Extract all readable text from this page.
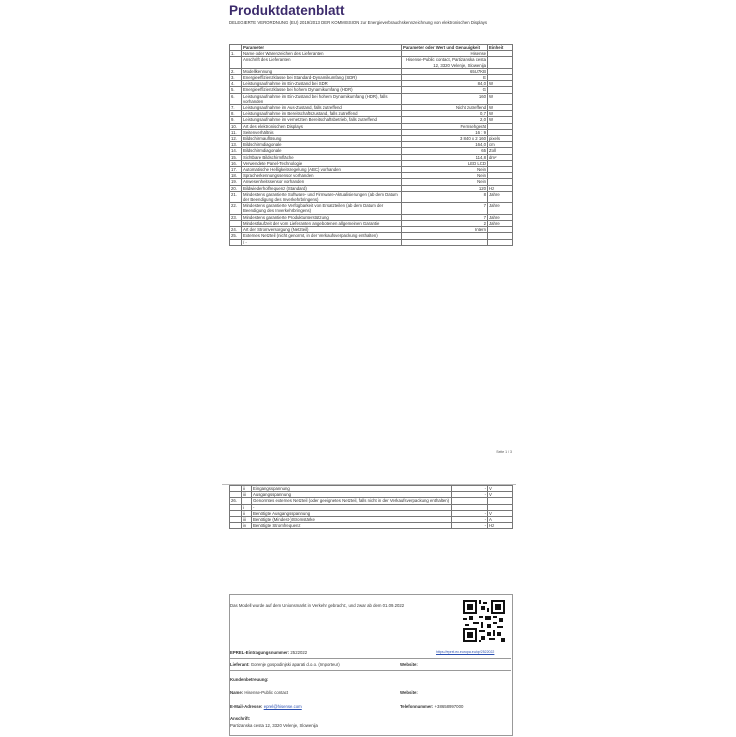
Produktdatenblatt
DELEGIERTE VERORDNUNG (EU) 2019/2013 DER KOMMISSION zur Energieverbrauchskennzeichnung von elektronischen Displays
	Parameter	Parameter oder Wert und Genauigkeit	Einheit
1.	Name oder Warenzeichen des Lieferanten	Hisense	
	Anschrift des Lieferanten	Hisense-Public contact, Partizanska cesta 12, 3320 Velenje, Slowenija	
2.	Modellkennung	65U7KB	
3.	Energieeffizienzklasse bei Standard-Dynamikumfang (SDR)	E	
4.	Leistungsaufnahme im Ein-Zustand bei SDR	84,0	W
5.	Energieeffizienzklasse bei hohem Dynamikumfang (HDR)	G	
6.	Leistungsaufnahme im Ein-Zustand bei hohem Dynamikumfang (HDR), falls vorhanden	160	W
7.	Leistungsaufnahme im Aus-Zustand, falls zutreffend	Nicht zutreffend	W
8.	Leistungsaufnahme im Bereitschaftszustand, falls zutreffend	0,7	W
9.	Leistungsaufnahme im vernetzten Bereitschaftsbetrieb, falls zutreffend	2,0	W
10.	Art des elektronischen Displays	Fernsehgerät	
11.	Seitenverhältnis	16 : 9	
12.	Bildschirmauflösung	3 840 x 2 160	pixels
13.	Bildschirmdiagonale	164,0	cm
14.	Bildschirmdiagonale	65	Zoll
15.	Sichtbare Bildschirmfläche	114,8	dm²
16.	Verwendete Panel-Technologie	LED LCD	
17.	Automatische Helligkeitsregelung (ABC) vorhanden	Nein	
18.	Spracherkennungssensor vorhanden	Nein	
19.	Anwesenheitssensor vorhanden	Nein	
20.	Bildwiederholfrequenz (Standard)	120	Hz
21.	Mindestens garantierte Software- und Firmware-Aktualisierungen (ab dem Datum der Beendigung des Inverkehrbringens)	8	Jahre
22.	Mindestens garantierte Verfügbarkeit von Ersatzteilen (ab dem Datum der Beendigung des Inverkehrbringens)	7	Jahre
23.	Mindestens garantierte Produktunterstützung	7	Jahre
	Mindestlaufzeit der vom Lieferanten angebotenen allgemeinen Garantie	2	Jahre
24.	Art der Stromversorgung (Netzteil)	Intern	
25.	Externes Netzteil (nicht genormt, in der Verkaufsverpackung enthalten)		
	/ -		
Seite 1 / 3
	ii	Eingangsspannung	-	V
	iii	Ausgangsspannung	-	V
26.		Genormtes externes Netzteil (oder geeignetes Netzteil, falls nicht in der Verkaufsverpackung enthalten)		
	i	-		
	ii	Benötigte Ausgangsspannung	-	V
	iii	Benötigte (Mindest-)Stromstärke	-	A
	iv	Benötigte Stromfrequenz	-	Hz
Das Modell wurde auf dem Unionsmarkt in Verkehr gebracht:, und zwar ab dem 01.09.2022
EPREL-Eintragungsnummer: 2522022	https://eprel.ec.europa.eu/qr/2522022
Lieferant: Gorenje gospodinjski aparati d.o.o. (Importeur)	Website:
Kundenbetreuung:
Name: Hisense-Public contact	Website:
E-Mail-Adresse: eprel@hisense.com	Telefonnummer: +38658997000
Anschrift:
Partizanska cesta 12, 3320 Velenje, Slowenija
